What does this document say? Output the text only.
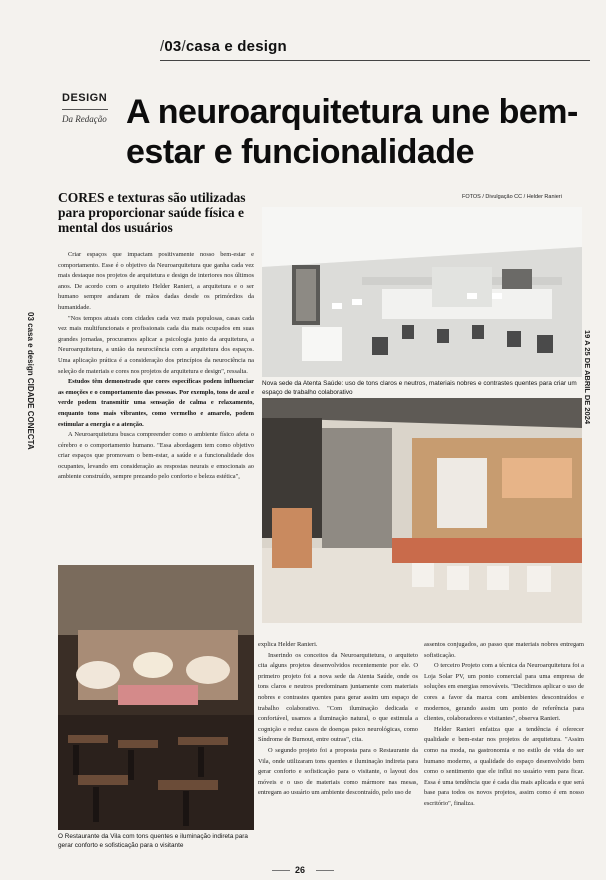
/03/casa e design
DESIGN
Da Redação A neuroarquitetura une bem-estar e funcionalidade
CORES e texturas são utilizadas para proporcionar saúde física e mental dos usuários
FOTOS / Divulgação CC / Helder Ranieri
03 casa e design CIDADE CONECTA	19 A 25 DE ABRIL DE 2024

Criar espaços que impactam positivamente nosso bem-estar e comportamento. Esse é o objetivo da Neuroarquitetura que ganha cada vez mais destaque nos projetos de arquitetura e design de interiores nos últimos anos. De acordo com o arquiteto Helder Ranieri, a arquitetura e o ser humano sempre andaram de mãos dadas desde os primórdios da humanidade.

"Nos tempos atuais com cidades cada vez mais populosas, casas cada vez mais multifuncionais e profissionais cada dia mais ocupados em suas grandes jornadas, procuramos aplicar a psicologia junto da arquitetura, a Neuroarquitetura, a união da neurociência com a arquitetura dos espaços. Uma aplicação prática é a consideração dos princípios da neurociência na seleção de materiais e cores nos projetos de arquitetura e design", ressalta.

Estudos têm demonstrado que cores específicas podem influenciar as emoções e o comportamento das pessoas. Por exemplo, tons de azul e verde podem transmitir uma sensação de calma e relaxamento, enquanto tons mais vibrantes, como vermelho e amarelo, podem estimular a energia e a atenção.

A Neuroarquitetura busca compreender como o ambiente físico afeta o cérebro e o comportamento humano. "Essa abordagem tem como objetivo criar espaços que promovam o bem-estar, a saúde e a funcionalidade dos ocupantes, levando em consideração as respostas neurais e emocionais ao ambiente construído, sempre prezando pelo conforto e beleza estética",

Nova sede da Atenta Saúde: uso de tons claros e neutros, materiais nobres e contrastes quentes para criar um espaço de trabalho colaborativo
O Restaurante da Vila com tons quentes e iluminação indireta para gerar conforto e sofisticação para o visitante

explica Helder Ranieri.

Inserindo os conceitos da Neuroarquitetura, o arquiteto cita alguns projetos desenvolvidos recentemente por ele. O primeiro projeto foi a nova sede da Atenta Saúde, onde os tons claros e neutros predominam juntamente com materiais nobres e contrastes quentes para gerar assim um espaço de trabalho colaborativo. "Com iluminação dedicada e confortável, usamos a iluminação natural, o que estimula a cognição e reduz casos de doenças psico neurológicas, como Síndrome de Burnout, entre outras", cita.

O segundo projeto foi a proposta para o Restaurante da Vila, onde utilizaram tons quentes e iluminação indireta para gerar conforto e sofisticação para o visitante, o layout dos móveis e o uso de materiais como mármore nas mesas, entregam ao usuário um ambiente descontraído, pelo uso de

assentos conjugados, ao passo que materiais nobres entregam sofisticação.

O terceiro Projeto com a técnica da Neuroarquitetura foi a Loja Solar PV, um ponto comercial para uma empresa de soluções em energias renováveis. "Decidimos aplicar o uso de cores a favor da marca com ambientes descontraídos e modernos, gerando assim um ponto de referência para clientes, colaboradores e visitantes", observa Ranieri.

Helder Ranieri enfatiza que a tendência é oferecer qualidade e bem-estar nos projetos de arquitetura. "Assim como na moda, na gastronomia e no estilo de vida do ser humano moderno, a qualidade do espaço desenvolvido bem como o sentimento que ele influi no usuário vem para ficar. Essa é uma tendência que é cada dia mais aplicada e que será base para todos os novos projetos, assim como é em nosso escritório", finaliza.

26
